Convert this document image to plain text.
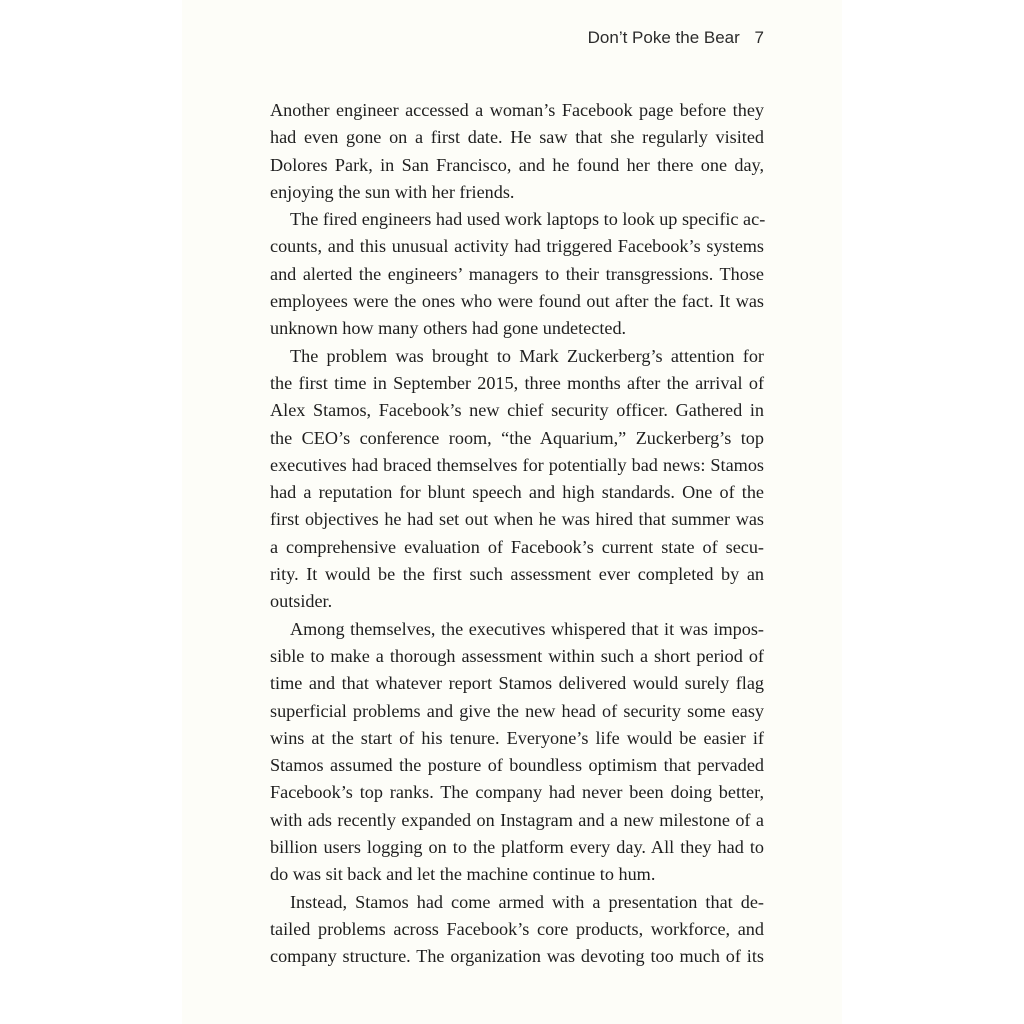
Don’t Poke the Bear 7
Another engineer accessed a woman’s Facebook page before they
had even gone on a first date. He saw that she regularly visited
Dolores Park, in San Francisco, and he found her there one day,
enjoying the sun with her friends.
The fired engineers had used work laptops to look up specific ac-
counts, and this unusual activity had triggered Facebook’s systems
and alerted the engineers’ managers to their transgressions. Those
employees were the ones who were found out after the fact. It was
unknown how many others had gone undetected.
The problem was brought to Mark Zuckerberg’s attention for
the first time in September 2015, three months after the arrival of
Alex Stamos, Facebook’s new chief security officer. Gathered in
the CEO’s conference room, “the Aquarium,” Zuckerberg’s top
executives had braced themselves for potentially bad news: Stamos
had a reputation for blunt speech and high standards. One of the
first objectives he had set out when he was hired that summer was
a comprehensive evaluation of Facebook’s current state of secu-
rity. It would be the first such assessment ever completed by an
outsider.
Among themselves, the executives whispered that it was impos-
sible to make a thorough assessment within such a short period of
time and that whatever report Stamos delivered would surely flag
superficial problems and give the new head of security some easy
wins at the start of his tenure. Everyone’s life would be easier if
Stamos assumed the posture of boundless optimism that pervaded
Facebook’s top ranks. The company had never been doing better,
with ads recently expanded on Instagram and a new milestone of a
billion users logging on to the platform every day. All they had to
do was sit back and let the machine continue to hum.
Instead, Stamos had come armed with a presentation that de-
tailed problems across Facebook’s core products, workforce, and
company structure. The organization was devoting too much of its
